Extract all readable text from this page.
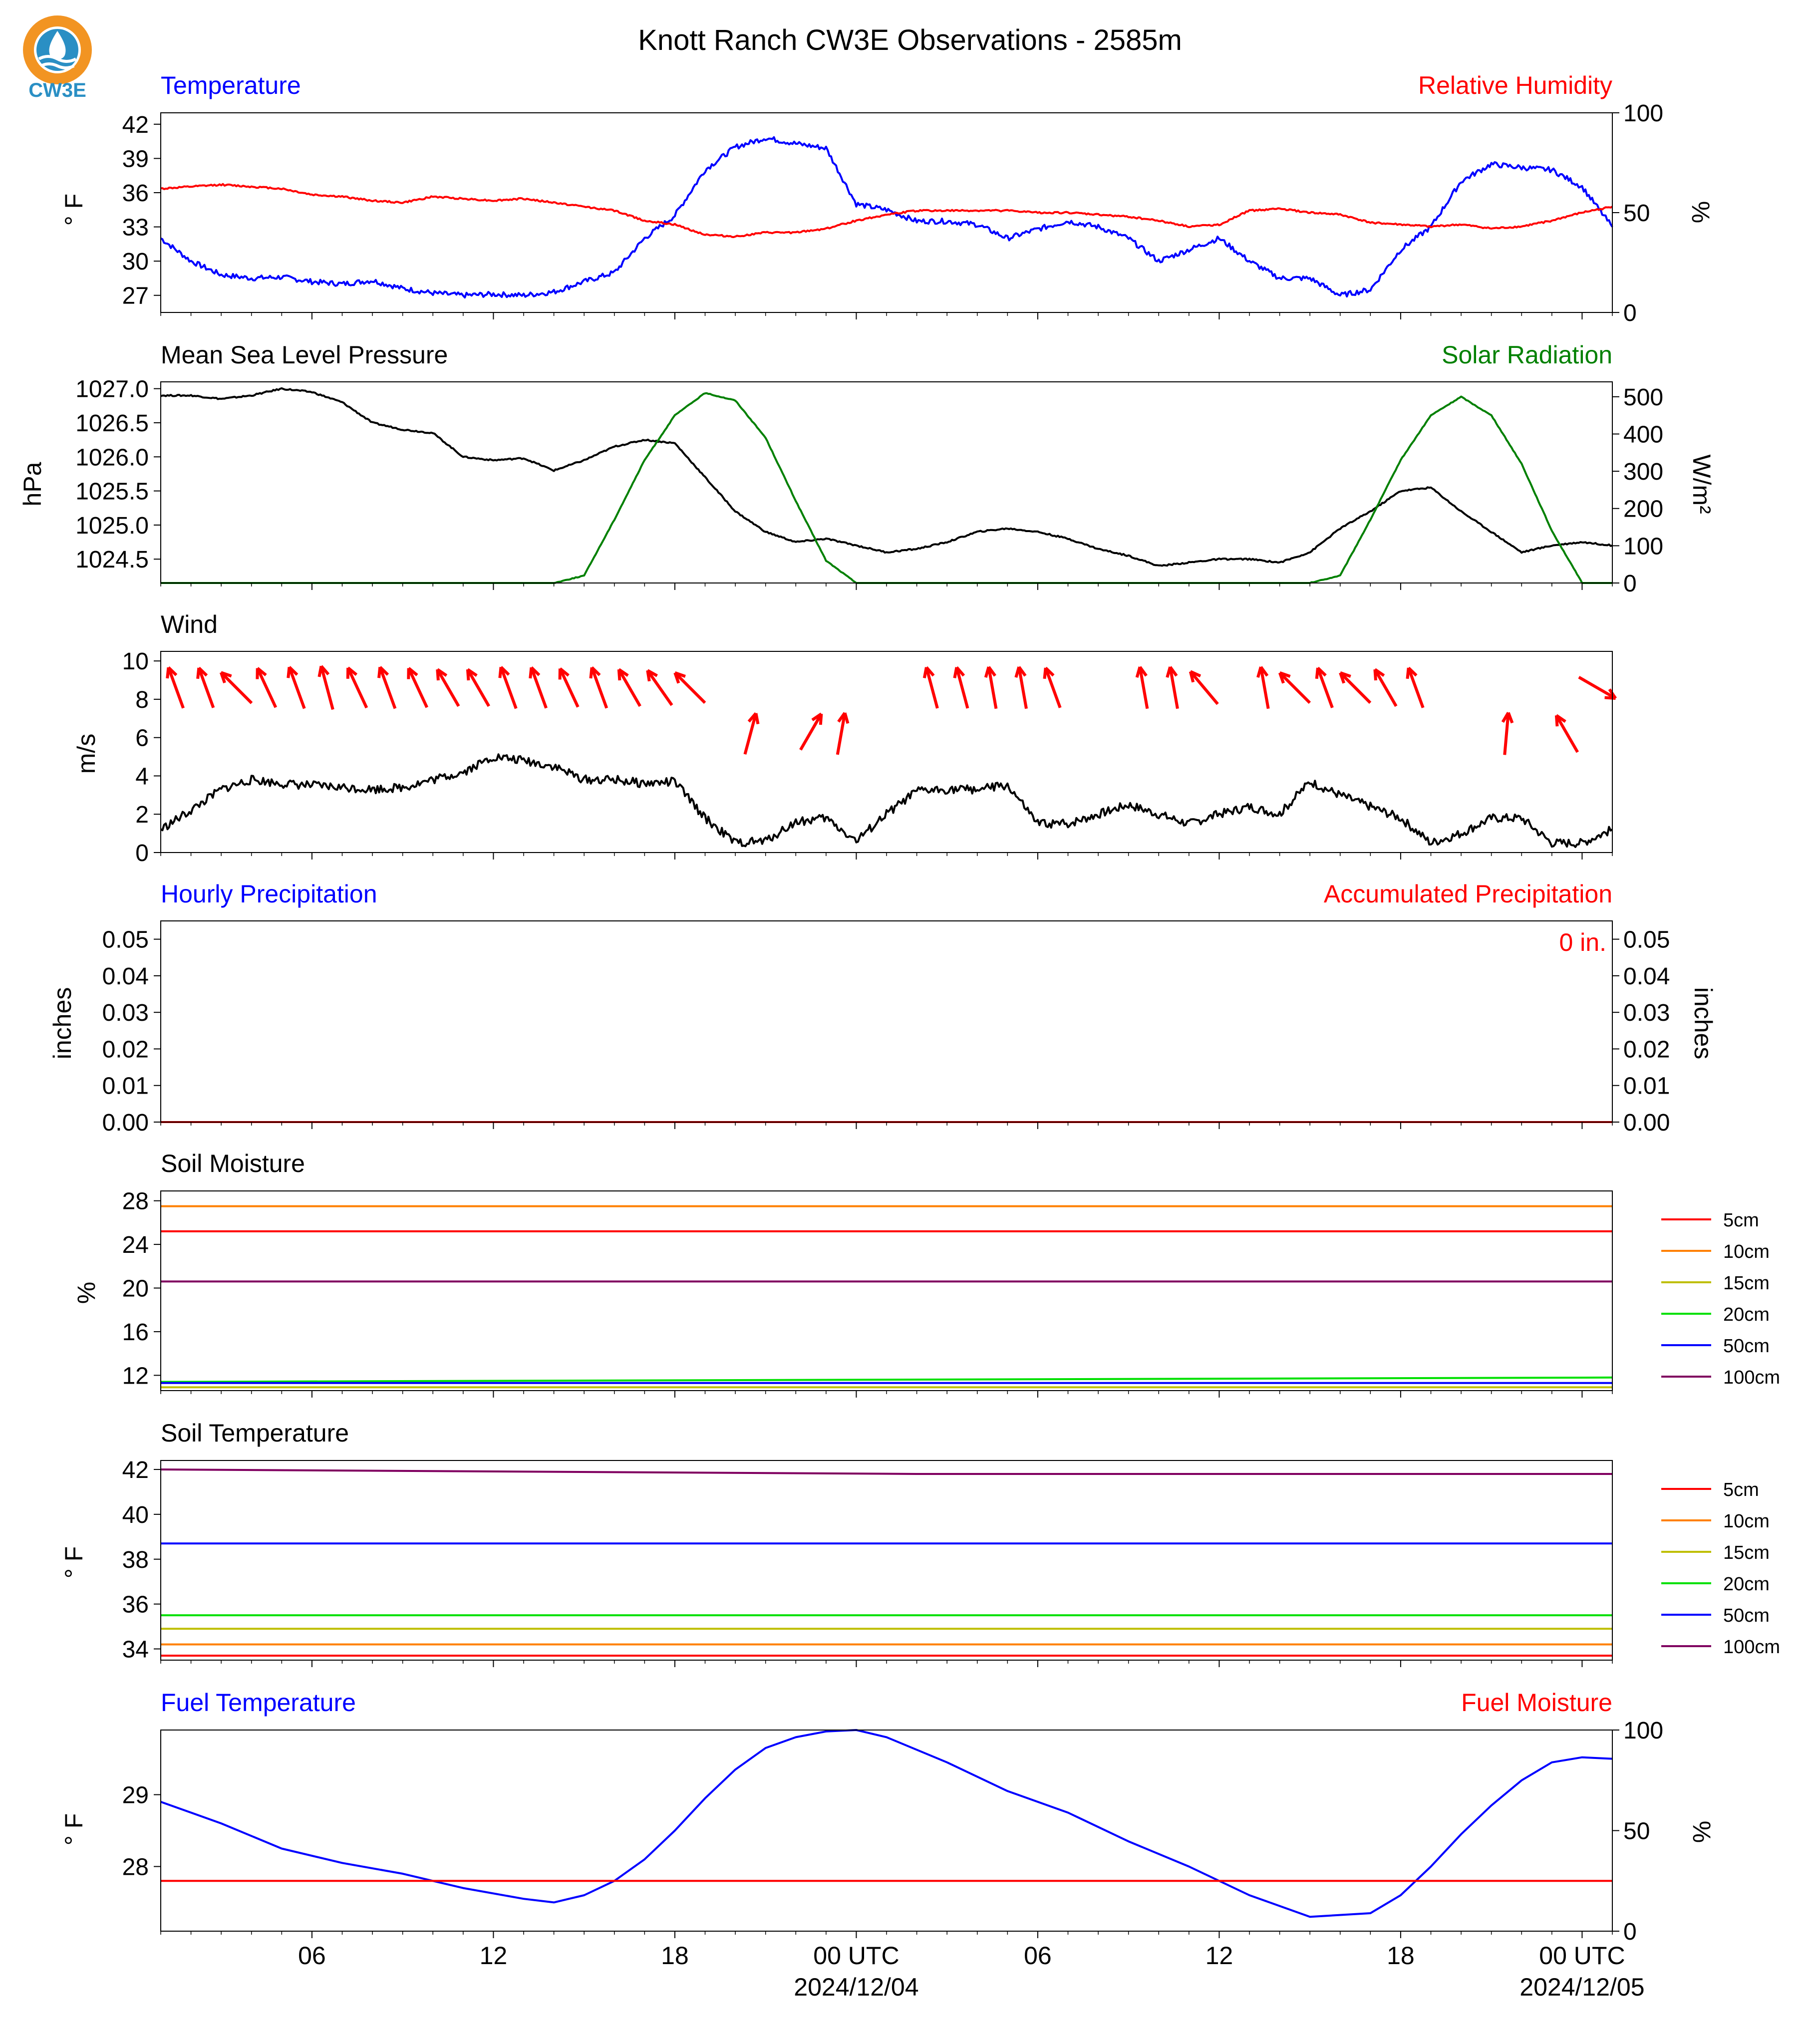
CW3E
Knott Ranch CW3E Observations - 2585m
Temperature	Relative Humidity
27
30
33
36
39
42
0
50
100
° F	%
Mean Sea Level Pressure	Solar Radiation
1024.5
1025.0
1025.5
1026.0
1026.5
1027.0
0
100
200
300
400
500
hPa	W/m²
Wind
0
2
4
6
8
10
m/s
Hourly Precipitation	Accumulated Precipitation
0.00
0.01
0.02
0.03
0.04
0.05
0.00
0.01
0.02
0.03
0.04
0.05
inches	inches
0 in.
Soil Moisture
12
16
20
24
28
%
5cm
10cm
15cm
20cm
50cm
100cm
Soil Temperature
34
36
38
40
42
° F
5cm
10cm
15cm
20cm
50cm
100cm
Fuel Temperature	Fuel Moisture
28
29
0
50
100
° F	%
06	12	18	00 UTC
2024/12/04
06	12	18	00 UTC
2024/12/05
